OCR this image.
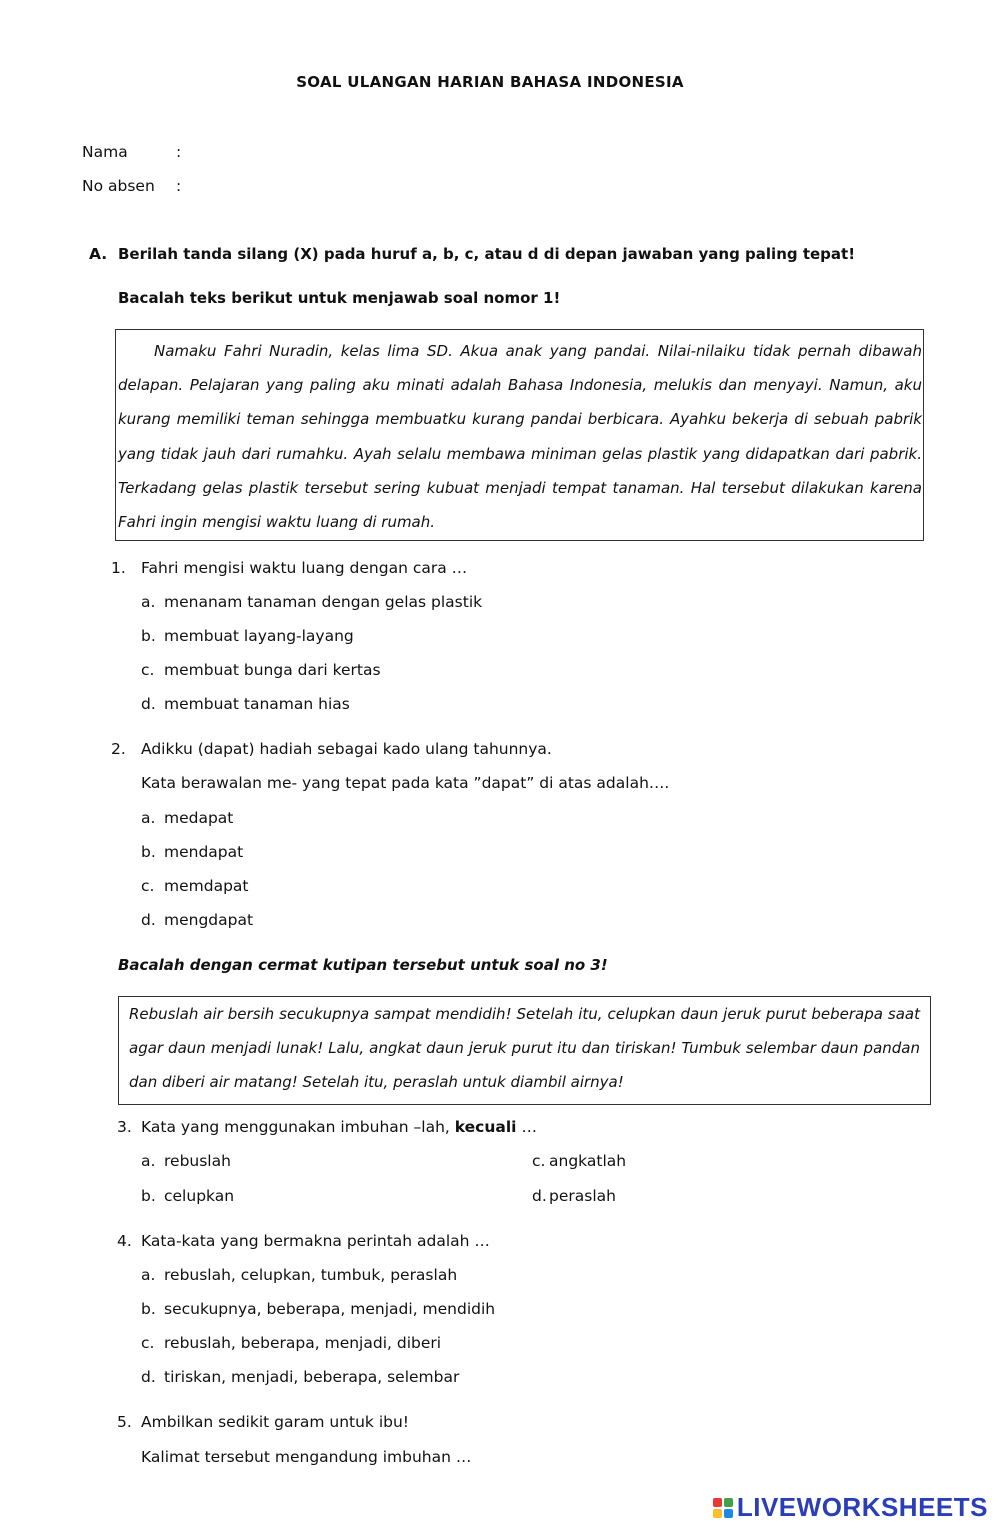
SOAL ULANGAN HARIAN BAHASA INDONESIA
Nama	:
No absen :
A. Berilah tanda silang (X) pada huruf a, b, c, atau d di depan jawaban yang paling tepat!
Bacalah teks berikut untuk menjawab soal nomor 1!

Namaku Fahri Nuradin, kelas lima SD. Akua anak yang pandai. Nilai-nilaiku tidak pernah dibawah delapan. Pelajaran yang paling aku minati adalah Bahasa Indonesia, melukis dan menyayi. Namun, aku kurang memiliki teman sehingga membuatku kurang pandai berbicara. Ayahku bekerja di sebuah pabrik yang tidak jauh dari rumahku. Ayah selalu membawa miniman gelas plastik yang didapatkan dari pabrik. Terkadang gelas plastik tersebut sering kubuat menjadi tempat tanaman. Hal tersebut dilakukan karena Fahri ingin mengisi waktu luang di rumah.

1. Fahri mengisi waktu luang dengan cara …
a. menanam tanaman dengan gelas plastik
b. membuat layang-layang
c. membuat bunga dari kertas
d. membuat tanaman hias
2. Adikku (dapat) hadiah sebagai kado ulang tahunnya.
Kata berawalan me- yang tepat pada kata ”dapat” di atas adalah….
a. medapat
b. mendapat
c. memdapat
d. mengdapat
Bacalah dengan cermat kutipan tersebut untuk soal no 3!

Rebuslah air bersih secukupnya sampat mendidih! Setelah itu, celupkan daun jeruk purut beberapa saat agar daun menjadi lunak! Lalu, angkat daun jeruk purut itu dan tiriskan! Tumbuk selembar daun pandan dan diberi air matang! Setelah itu, peraslah untuk diambil airnya!

3. Kata yang menggunakan imbuhan –lah, kecuali …
a. rebuslah
b. celupkan
c. angkatlah
d. peraslah
4. Kata-kata yang bermakna perintah adalah …
a. rebuslah, celupkan, tumbuk, peraslah
b. secukupnya, beberapa, menjadi, mendidih
c. rebuslah, beberapa, menjadi, diberi
d. tiriskan, menjadi, beberapa, selembar
5. Ambilkan sedikit garam untuk ibu!
Kalimat tersebut mengandung imbuhan …
LIVEWORKSHEETS
